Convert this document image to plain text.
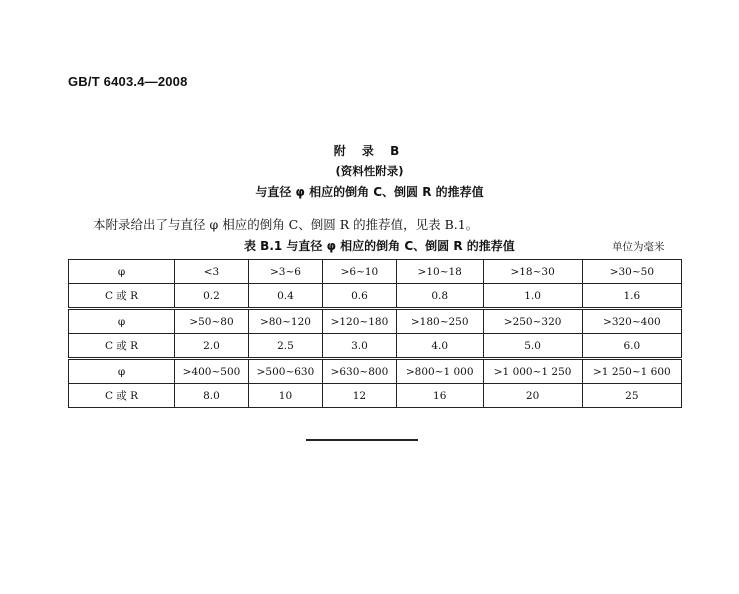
GB/T 6403.4—2008
附 录 B
(资料性附录)
与直径 φ 相应的倒角 C、倒圆 R 的推荐值
本附录给出了与直径 φ 相应的倒角 C、倒圆 R 的推荐值，见表 B.1。
表 B.1 与直径 φ 相应的倒角 C、倒圆 R 的推荐值	单位为毫米
φ	<3	>3~6	>6~10	>10~18	>18~30	>30~50
C 或 R	0.2	0.4	0.6	0.8	1.0	1.6
φ	>50~80	>80~120	>120~180	>180~250	>250~320	>320~400
C 或 R	2.0	2.5	3.0	4.0	5.0	6.0
φ	>400~500	>500~630	>630~800	>800~1 000	>1 000~1 250	>1 250~1 600
C 或 R	8.0	10	12	16	20	25
